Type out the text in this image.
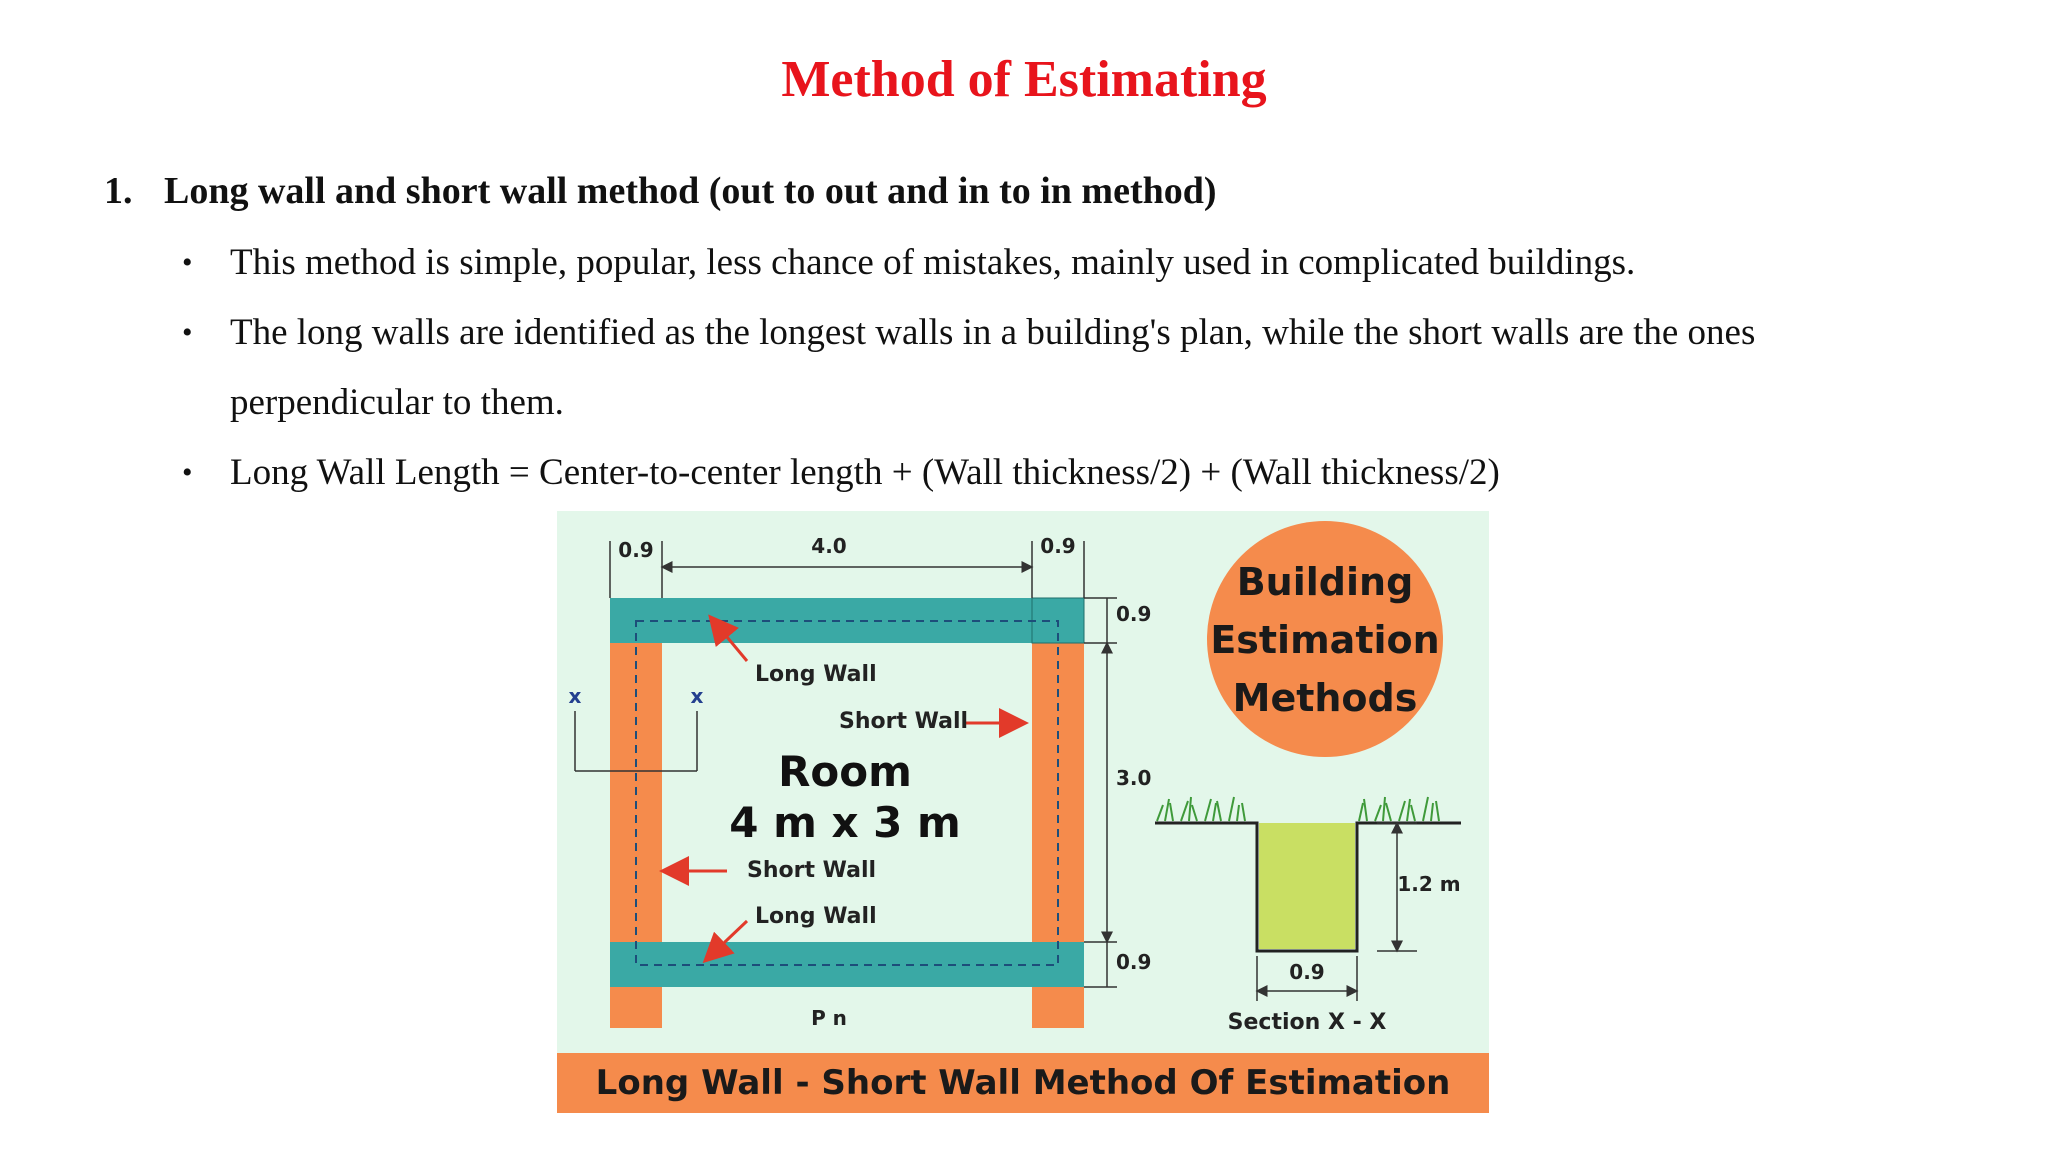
Method of Estimating
1. Long wall and short wall method (out to out and in to in method)
• This method is simple, popular, less chance of mistakes, mainly used in complicated buildings.
• The long walls are identified as the longest walls in a building's plan, while the short walls are the ones
perpendicular to them.
• Long Wall Length = Center-to-center length + (Wall thickness/2) + (Wall thickness/2)
0.9	4.0	0.9
0.9
3.0
0.9
x	x
Long Wall
Short Wall
Room
4 m x 3 m
Short Wall
Long Wall
P n
Building
Estimation
Methods
1.2 m
0.9
Section X - X
Long Wall - Short Wall Method Of Estimation
